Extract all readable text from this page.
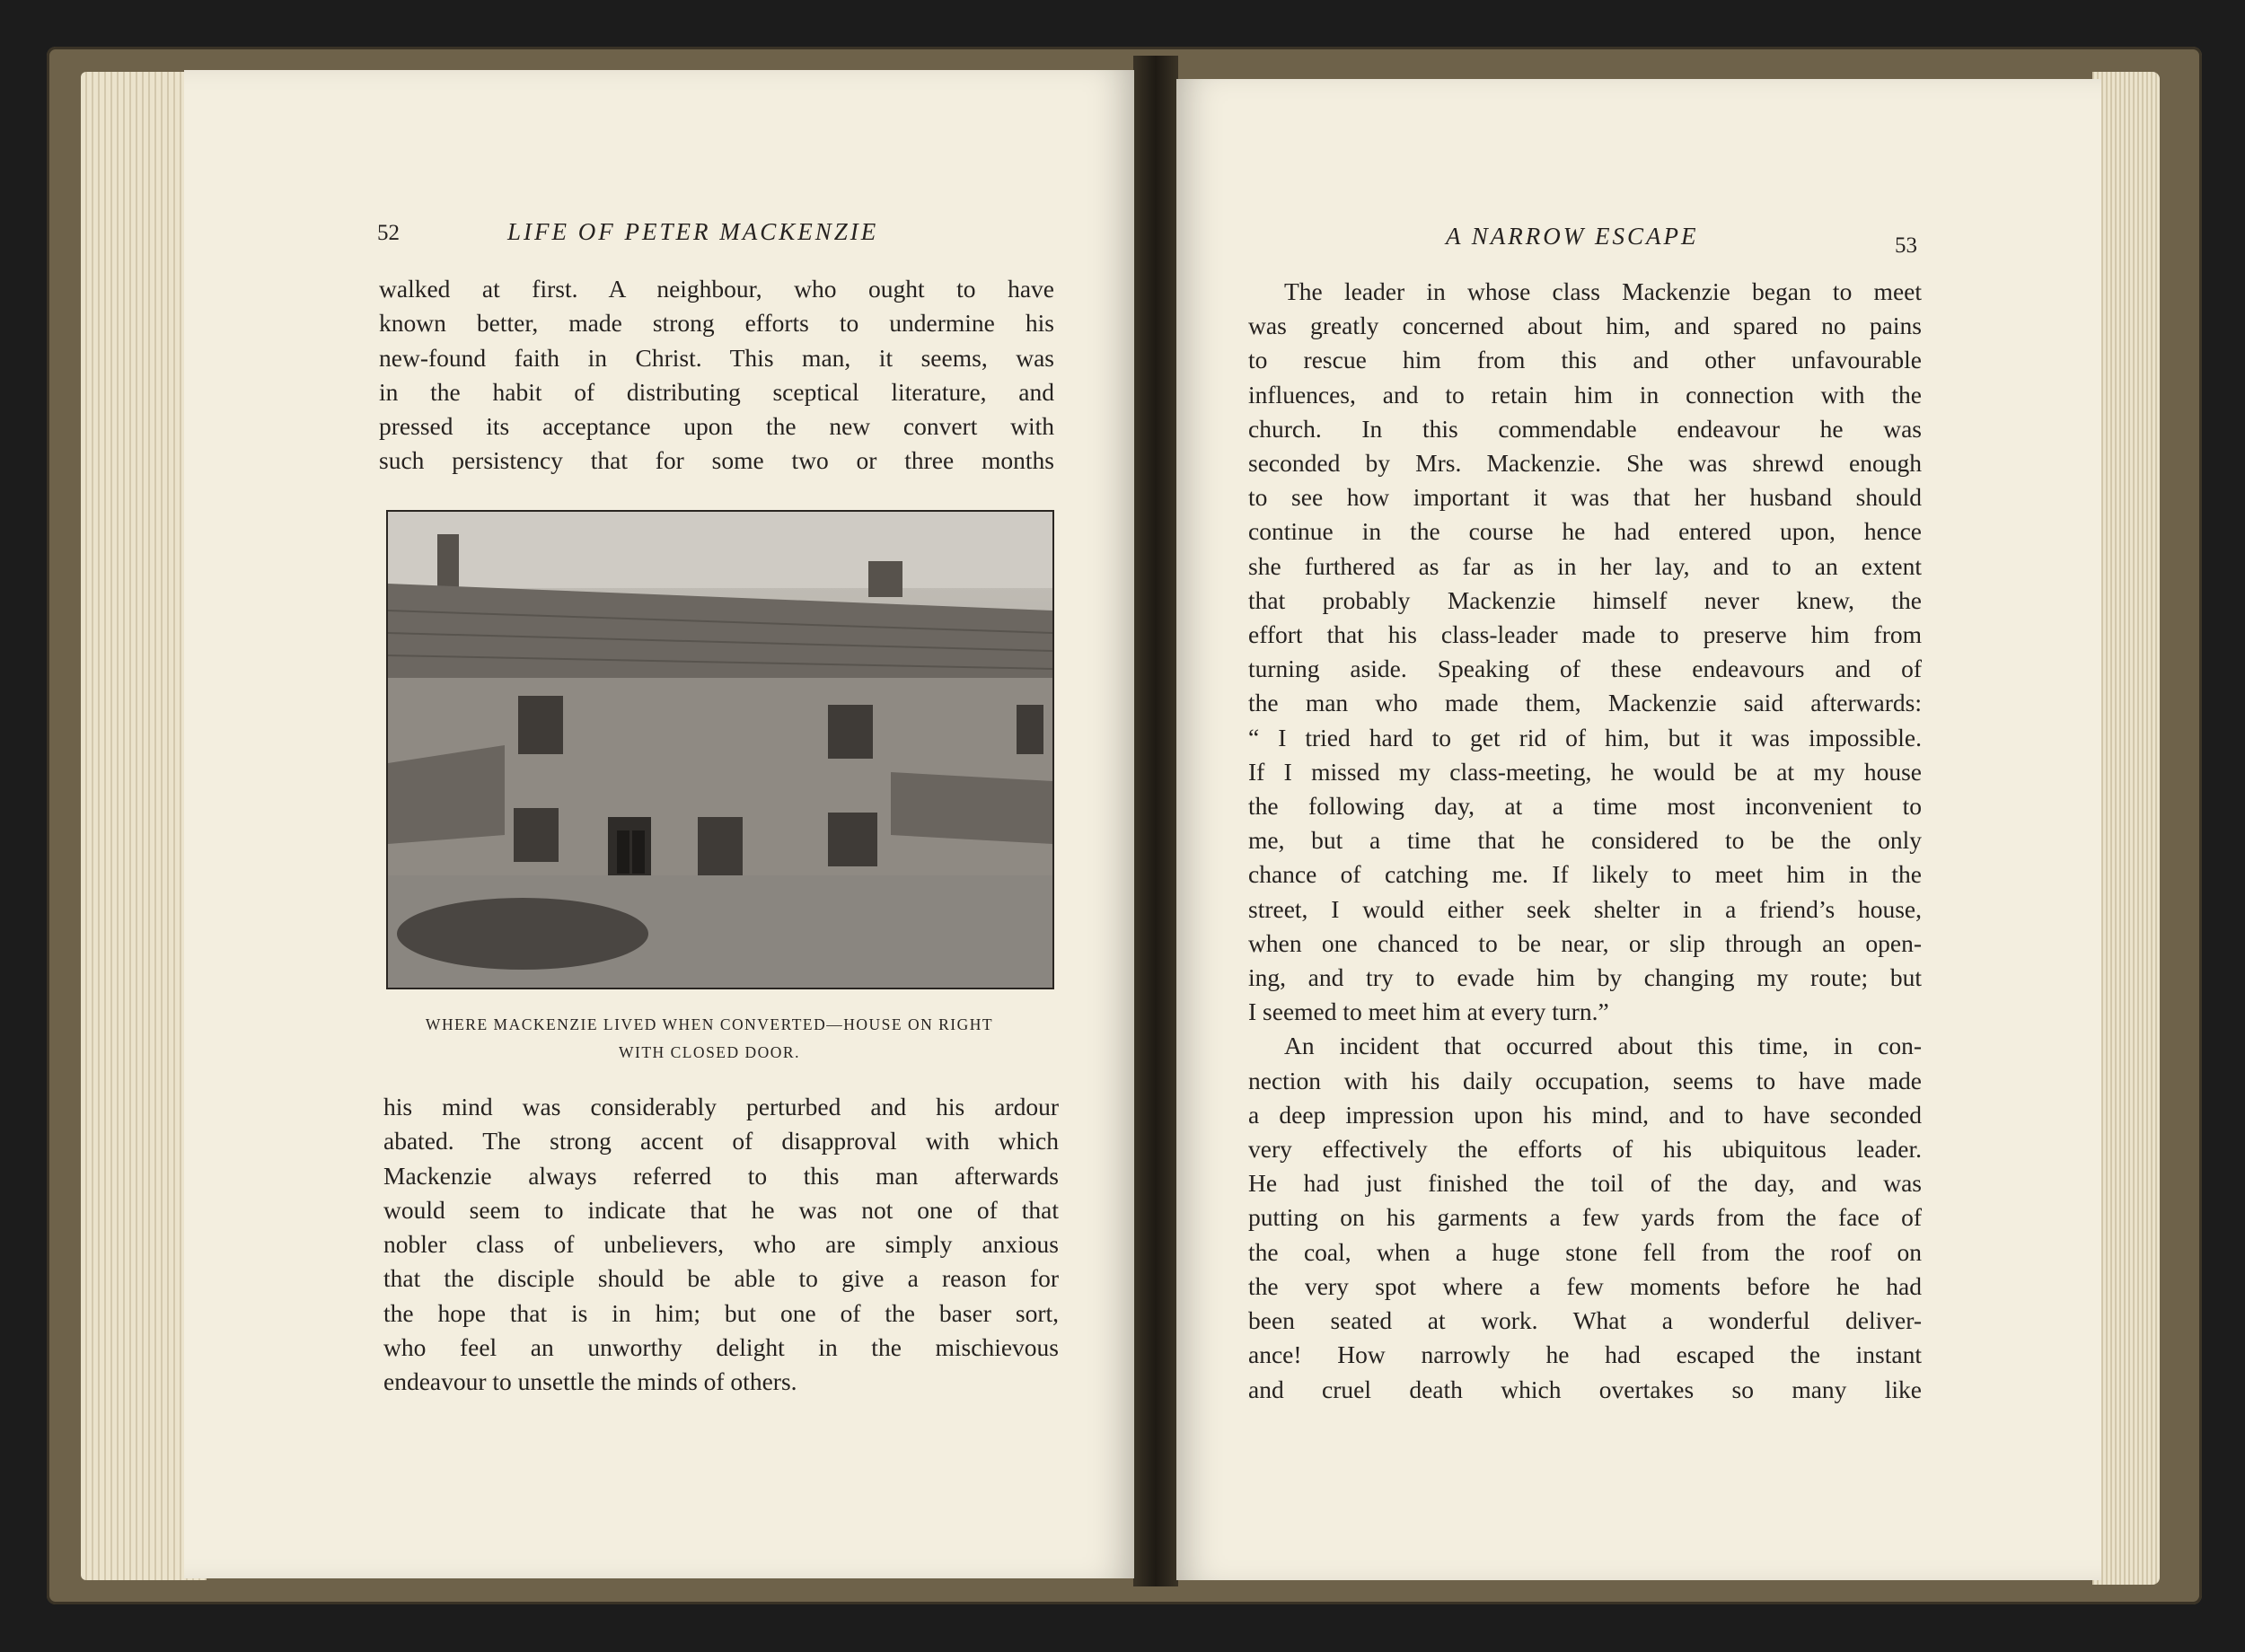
52	LIFE OF PETER MACKENZIE
walked at first. A neighbour, who ought to have
known better, made strong efforts to undermine his
new-found faith in Christ. This man, it seems, was
in the habit of distributing sceptical literature, and
pressed its acceptance upon the new convert with
such persistency that for some two or three months
WHERE MACKENZIE LIVED WHEN CONVERTED—HOUSE ON RIGHT
WITH CLOSED DOOR.
his mind was considerably perturbed and his ardour
abated. The strong accent of disapproval with which
Mackenzie always referred to this man afterwards
would seem to indicate that he was not one of that
nobler class of unbelievers, who are simply anxious
that the disciple should be able to give a reason for
the hope that is in him; but one of the baser sort,
who feel an unworthy delight in the mischievous
endeavour to unsettle the minds of others.
A NARROW ESCAPE	53
The leader in whose class Mackenzie began to meet
was greatly concerned about him, and spared no pains
to rescue him from this and other unfavourable
influences, and to retain him in connection with the
church. In this commendable endeavour he was
seconded by Mrs. Mackenzie. She was shrewd enough
to see how important it was that her husband should
continue in the course he had entered upon, hence
she furthered as far as in her lay, and to an extent
that probably Mackenzie himself never knew, the
effort that his class-leader made to preserve him from
turning aside. Speaking of these endeavours and of
the man who made them, Mackenzie said afterwards:
“ I tried hard to get rid of him, but it was impossible.
If I missed my class-meeting, he would be at my house
the following day, at a time most inconvenient to
me, but a time that he considered to be the only
chance of catching me. If likely to meet him in the
street, I would either seek shelter in a friend’s house,
when one chanced to be near, or slip through an open-
ing, and try to evade him by changing my route; but
I seemed to meet him at every turn.”
An incident that occurred about this time, in con-
nection with his daily occupation, seems to have made
a deep impression upon his mind, and to have seconded
very effectively the efforts of his ubiquitous leader.
He had just finished the toil of the day, and was
putting on his garments a few yards from the face of
the coal, when a huge stone fell from the roof on
the very spot where a few moments before he had
been seated at work. What a wonderful deliver-
ance! How narrowly he had escaped the instant
and cruel death which overtakes so many like
